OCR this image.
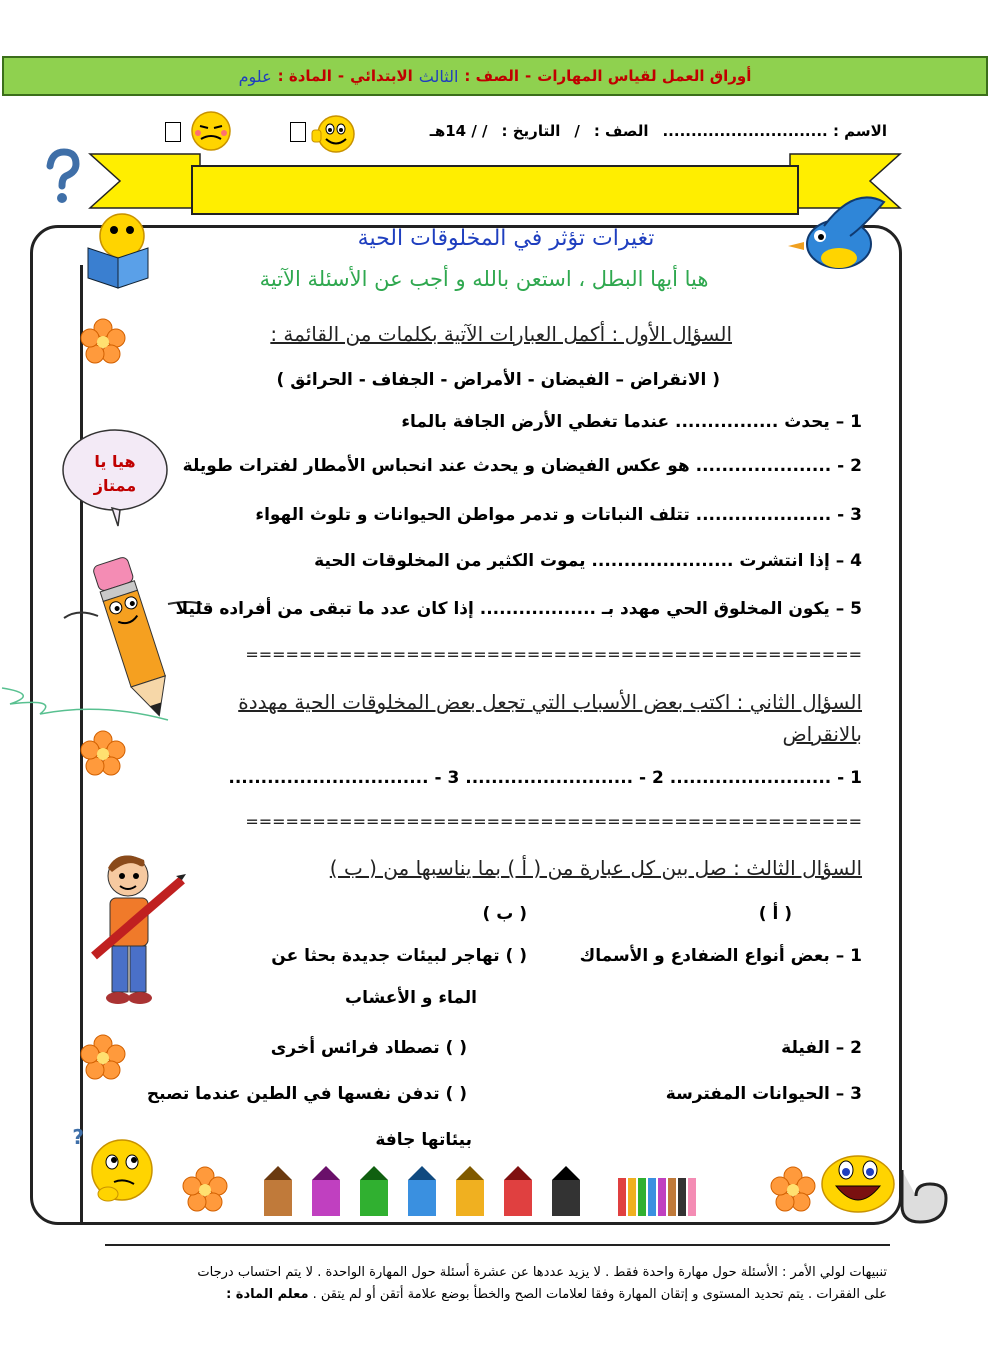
أوراق العمل لقياس المهارات
-
الصف :
الثالث
الابتدائي
-
المادة :
علوم
الاسم : .............................
الصف :
/
التاريخ :
/ / 14هـ
تغيرات تؤثر في المخلوقات الحية
هيا أيها البطل ، استعن بالله و أجب عن الأسئلة الآتية
هيا يا ممتاز
السؤال الأول : أكمل العبارات الآتية بكلمات من القائمة :
( الانقراض – الفيضان - الأمراض - الجفاف - الحرائق )
1 – يحدث ................ عندما تغطي الأرض الجافة بالماء
2 - ..................... هو عكس الفيضان و يحدث عند انحباس الأمطار لفترات طويلة
3 - ..................... تتلف النباتات و تدمر مواطن الحيوانات و تلوث الهواء
4 – إذا انتشرت ...................... يموت الكثير من المخلوقات الحية
5 – يكون المخلوق الحي مهدد بـ .................. إذا كان عدد ما تبقى من أفراده قليلا
==============================================
السؤال الثاني : اكتب بعض الأسباب التي تجعل بعض المخلوقات الحية مهددة
بالانقراض
1 - ......................... 2 - .......................... 3 - ...............................
==============================================
السؤال الثالث : صل بين كل عبارة من ( أ ) بما يناسبها من ( ب )
( أ )
( ب )
1 – بعض أنواع الضفادع و الأسماك
2 – الفيلة
3 – الحيوانات المفترسة
( ) تهاجر لبيئات جديدة بحثا عن
الماء و الأعشاب
( ) تصطاد فرائس أخرى
( ) تدفن نفسها في الطين عندما تصبح
بيئاتها جافة
?
تنبيهات لولي الأمر : الأسئلة حول مهارة واحدة فقط . لا يزيد عددها عن عشرة أسئلة حول المهارة الواحدة . لا يتم احتساب درجات
على الفقرات . يتم تحديد المستوى و إتقان المهارة وفقا لعلامات الصح والخطأ بوضع علامة أتقن أو لم يتقن . معلم المادة :
